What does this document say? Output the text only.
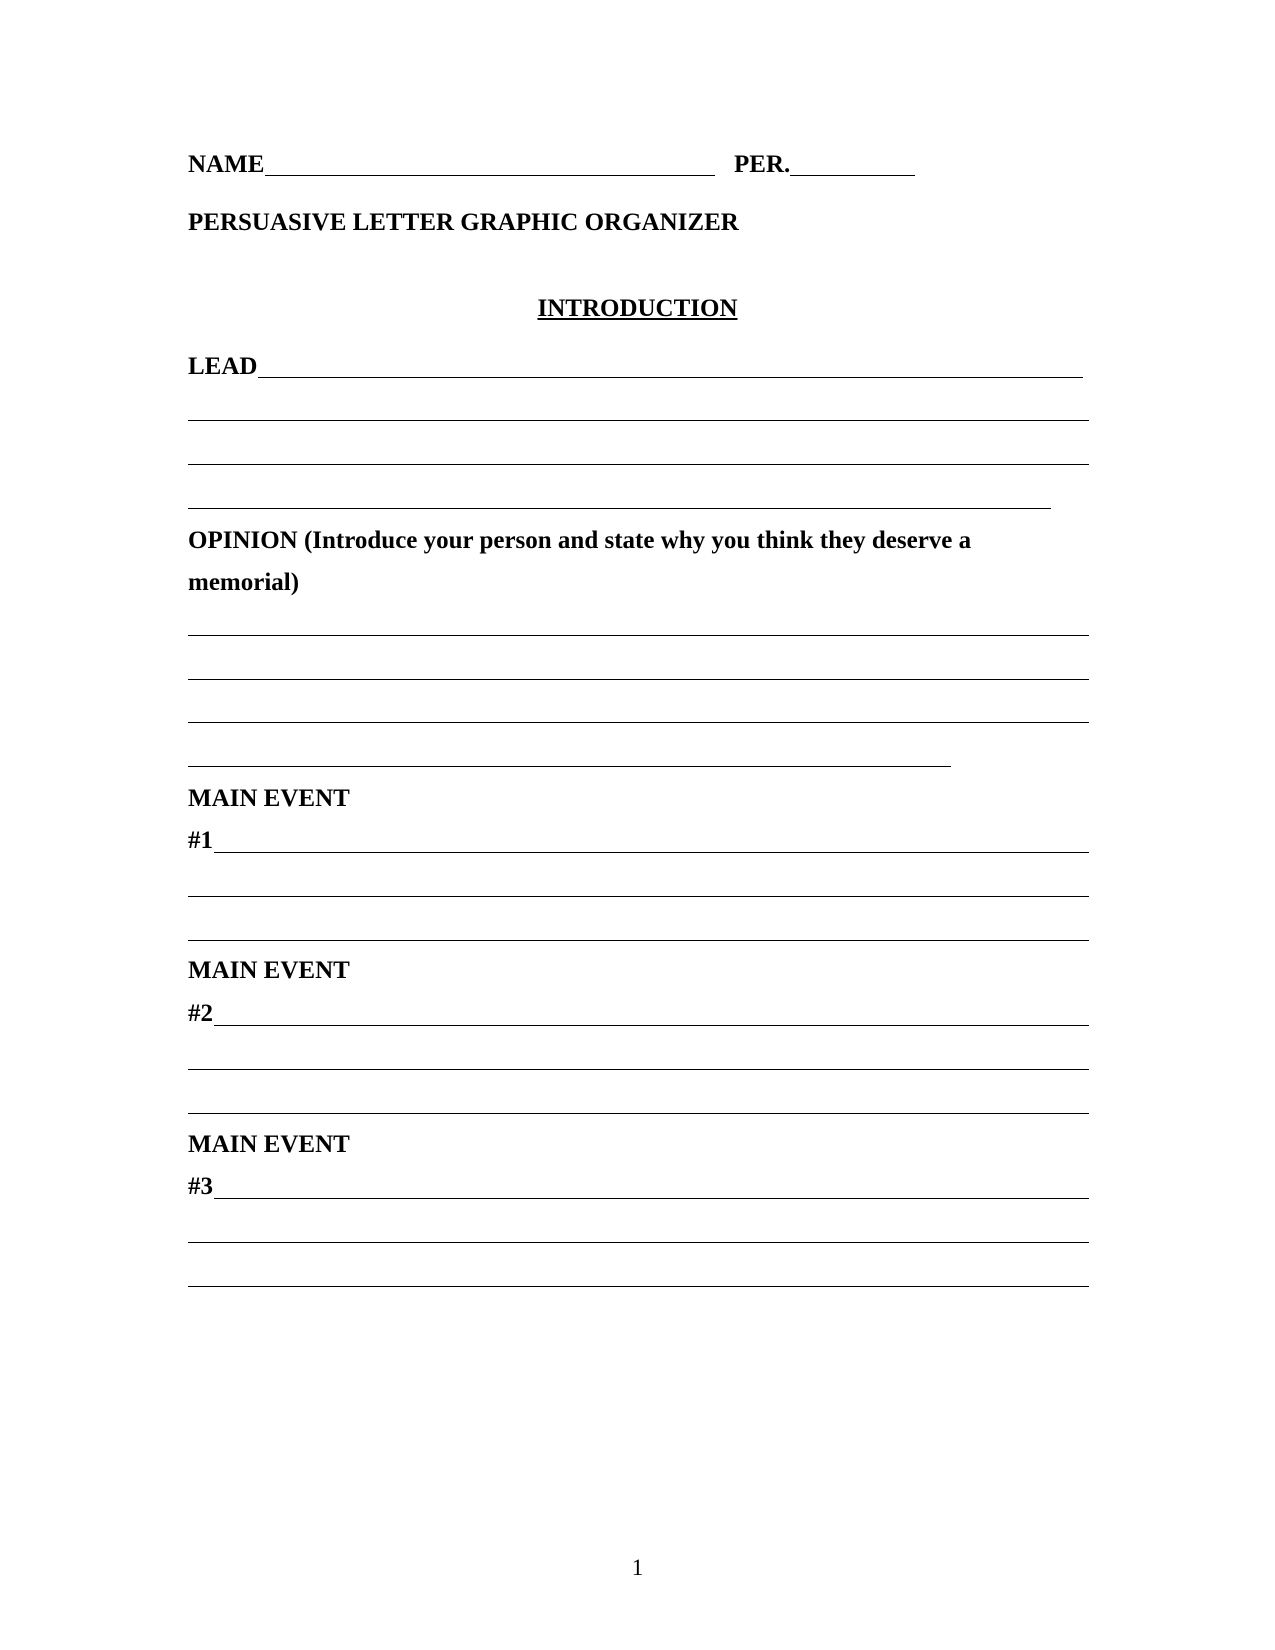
NAME	PER.
PERSUASIVE LETTER GRAPHIC ORGANIZER
INTRODUCTION
LEAD
OPINION (Introduce your person and state why you think they deserve a
memorial)
MAIN EVENT
#1
MAIN EVENT
#2
MAIN EVENT
#3
1
